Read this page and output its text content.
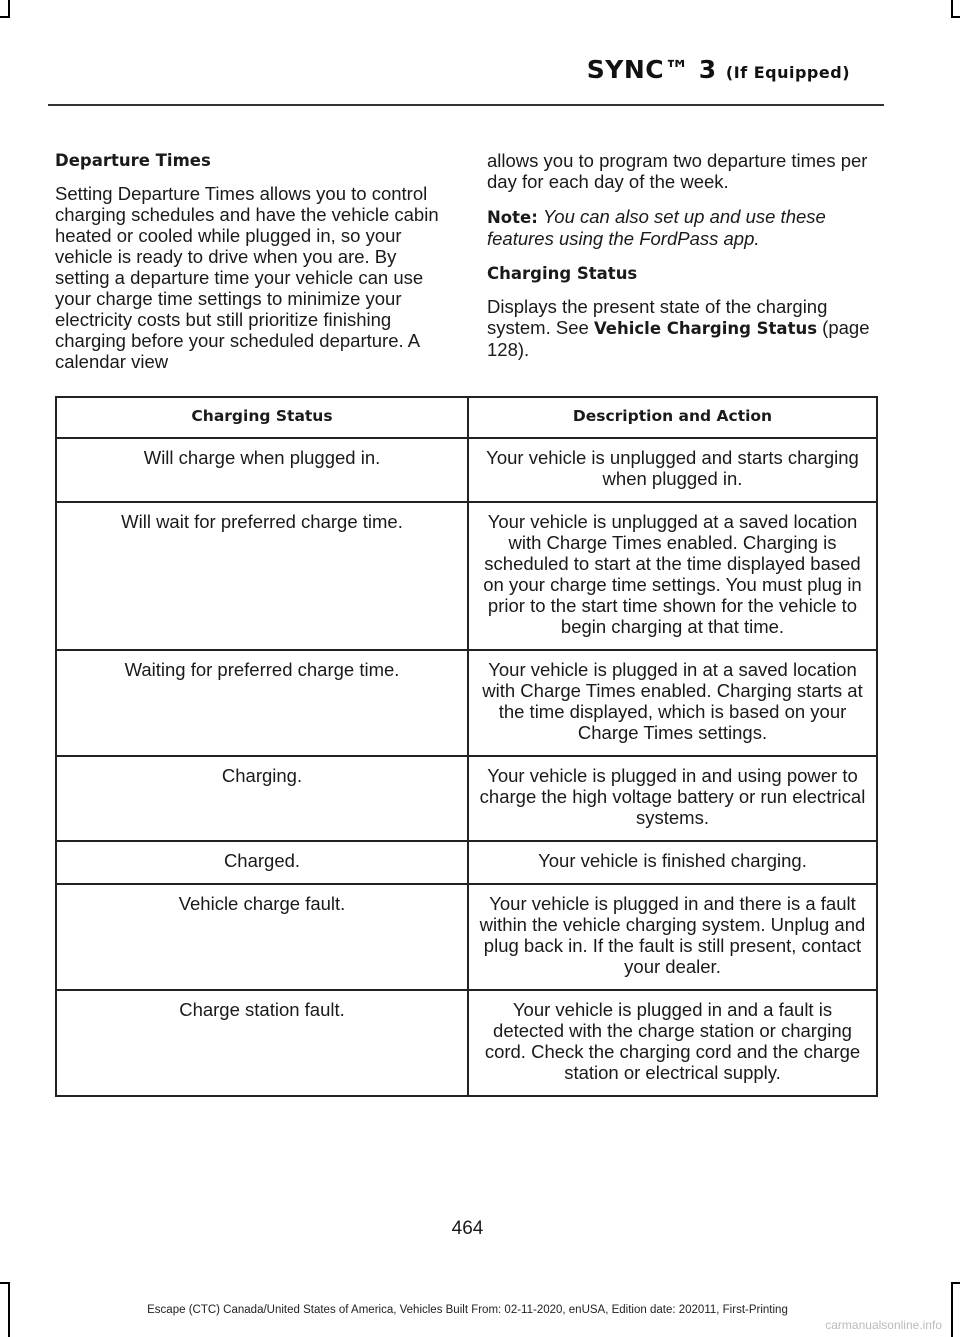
SYNC™ 3 (If Equipped)
Departure Times

Setting Departure Times allows you to control charging schedules and have the vehicle cabin heated or cooled while plugged in, so your vehicle is ready to drive when you are. By setting a departure time your vehicle can use your charge time settings to minimize your electricity costs but still prioritize finishing charging before your scheduled departure. A calendar view

allows you to program two departure times per day for each day of the week.

Note: You can also set up and use these features using the FordPass app.

Charging Status

Displays the present state of the charging system. See Vehicle Charging Status (page 128).

Charging Status	Description and Action
Will charge when plugged in.	Your vehicle is unplugged and starts charging when plugged in.
Will wait for preferred charge time.	Your vehicle is unplugged at a saved location with Charge Times enabled. Charging is scheduled to start at the time displayed based on your charge time settings. You must plug in prior to the start time shown for the vehicle to begin charging at that time.
Waiting for preferred charge time.	Your vehicle is plugged in at a saved location with Charge Times enabled. Charging starts at the time displayed, which is based on your Charge Times settings.
Charging.	Your vehicle is plugged in and using power to charge the high voltage battery or run electrical systems.
Charged.	Your vehicle is finished charging.
Vehicle charge fault.	Your vehicle is plugged in and there is a fault within the vehicle charging system. Unplug and plug back in. If the fault is still present, contact your dealer.
Charge station fault.	Your vehicle is plugged in and a fault is detected with the charge station or charging cord. Check the charging cord and the charge station or electrical supply.
464
Escape (CTC) Canada/United States of America, Vehicles Built From: 02-11-2020, enUSA, Edition date: 202011, First-Printing
carmanualsonline.info
